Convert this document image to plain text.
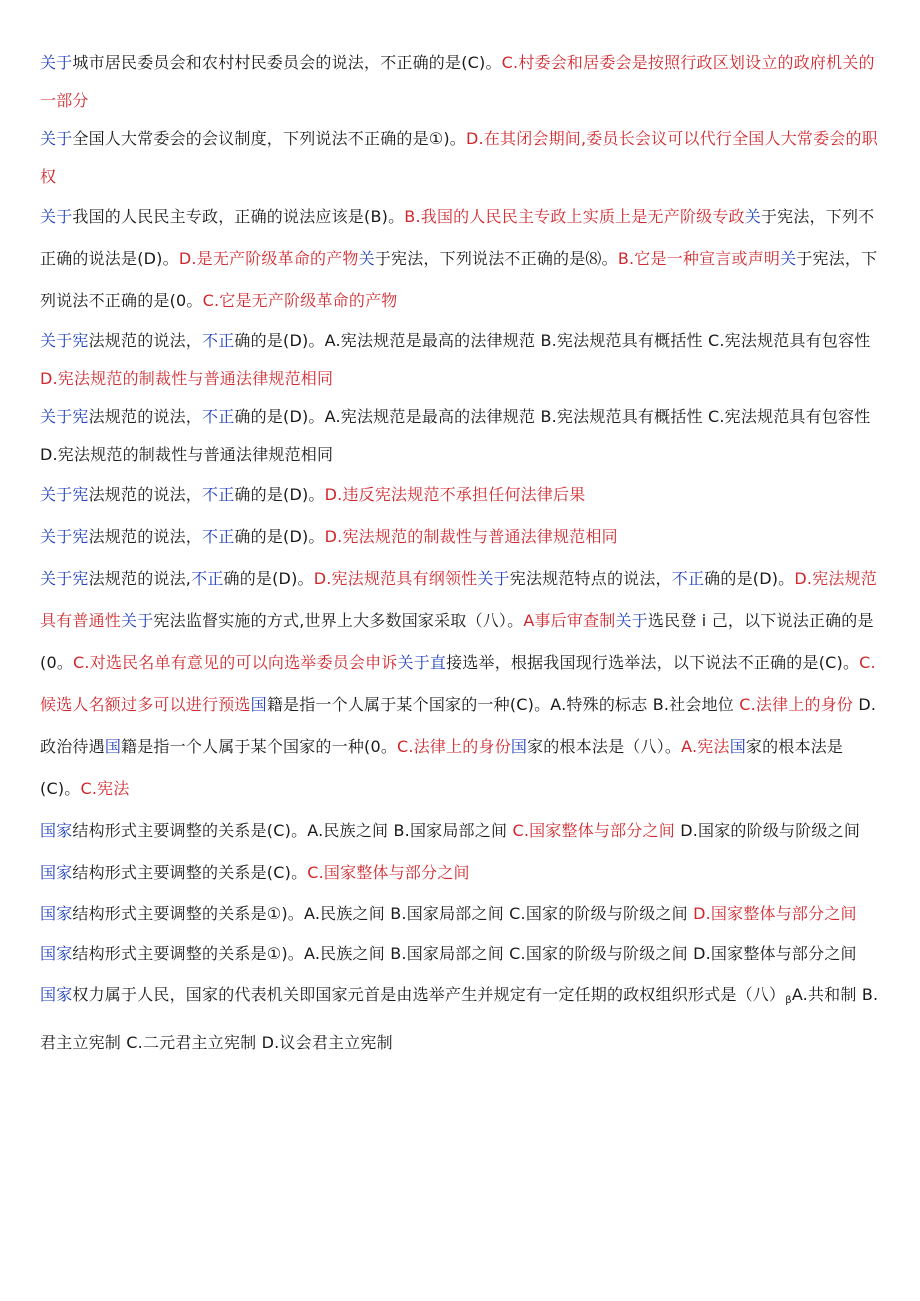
关于城市居民委员会和农村村民委员会的说法，不正确的是(C)。C.村委会和居委会是按照行政区划设立的政府机关的一部分

关于全国人大常委会的会议制度，下列说法不正确的是①)。D.在其闭会期间,委员长会议可以代行全国人大常委会的职权

关于我国的人民民主专政，正确的说法应该是(B)。B.我国的人民民主专政上实质上是无产阶级专政关于宪法，下列不正确的说法是(D)。D.是无产阶级革命的产物关于宪法，下列说法不正确的是⑻。B.它是一种宣言或声明关于宪法，下列说法不正确的是(0。C.它是无产阶级革命的产物

关于宪法规范的说法，不正确的是(D)。A.宪法规范是最高的法律规范 B.宪法规范具有概括性 C.宪法规范具有包容性 D.宪法规范的制裁性与普通法律规范相同

关于宪法规范的说法，不正确的是(D)。A.宪法规范是最高的法律规范 B.宪法规范具有概括性 C.宪法规范具有包容性 D.宪法规范的制裁性与普通法律规范相同

关于宪法规范的说法，不正确的是(D)。D.违反宪法规范不承担任何法律后果

关于宪法规范的说法，不正确的是(D)。D.宪法规范的制裁性与普通法律规范相同

关于宪法规范的说法,不正确的是(D)。D.宪法规范具有纲领性关于宪法规范特点的说法，不正确的是(D)。D.宪法规范具有普通性关于宪法监督实施的方式,世界上大多数国家采取（八）。A事后审查制关于选民登 i 己，以下说法正确的是(0。C.对选民名单有意见的可以向选举委员会申诉关于直接选举，根据我国现行选举法，以下说法不正确的是(C)。C.候选人名额过多可以进行预选国籍是指一个人属于某个国家的一种(C)。A.特殊的标志 B.社会地位 C.法律上的身份 D.政治待遇国籍是指一个人属于某个国家的一种(0。C.法律上的身份国家的根本法是（八）。A.宪法国家的根本法是(C)。C.宪法

国家结构形式主要调整的关系是(C)。A.民族之间 B.国家局部之间 C.国家整体与部分之间 D.国家的阶级与阶级之间

国家结构形式主要调整的关系是(C)。C.国家整体与部分之间

国家结构形式主要调整的关系是①)。A.民族之间 B.国家局部之间 C.国家的阶级与阶级之间 D.国家整体与部分之间

国家结构形式主要调整的关系是①)。A.民族之间 B.国家局部之间 C.国家的阶级与阶级之间 D.国家整体与部分之间

国家权力属于人民，国家的代表机关即国家元首是由选举产生并规定有一定任期的政权组织形式是（八）βA.共和制 B.君主立宪制 C.二元君主立宪制 D.议会君主立宪制
